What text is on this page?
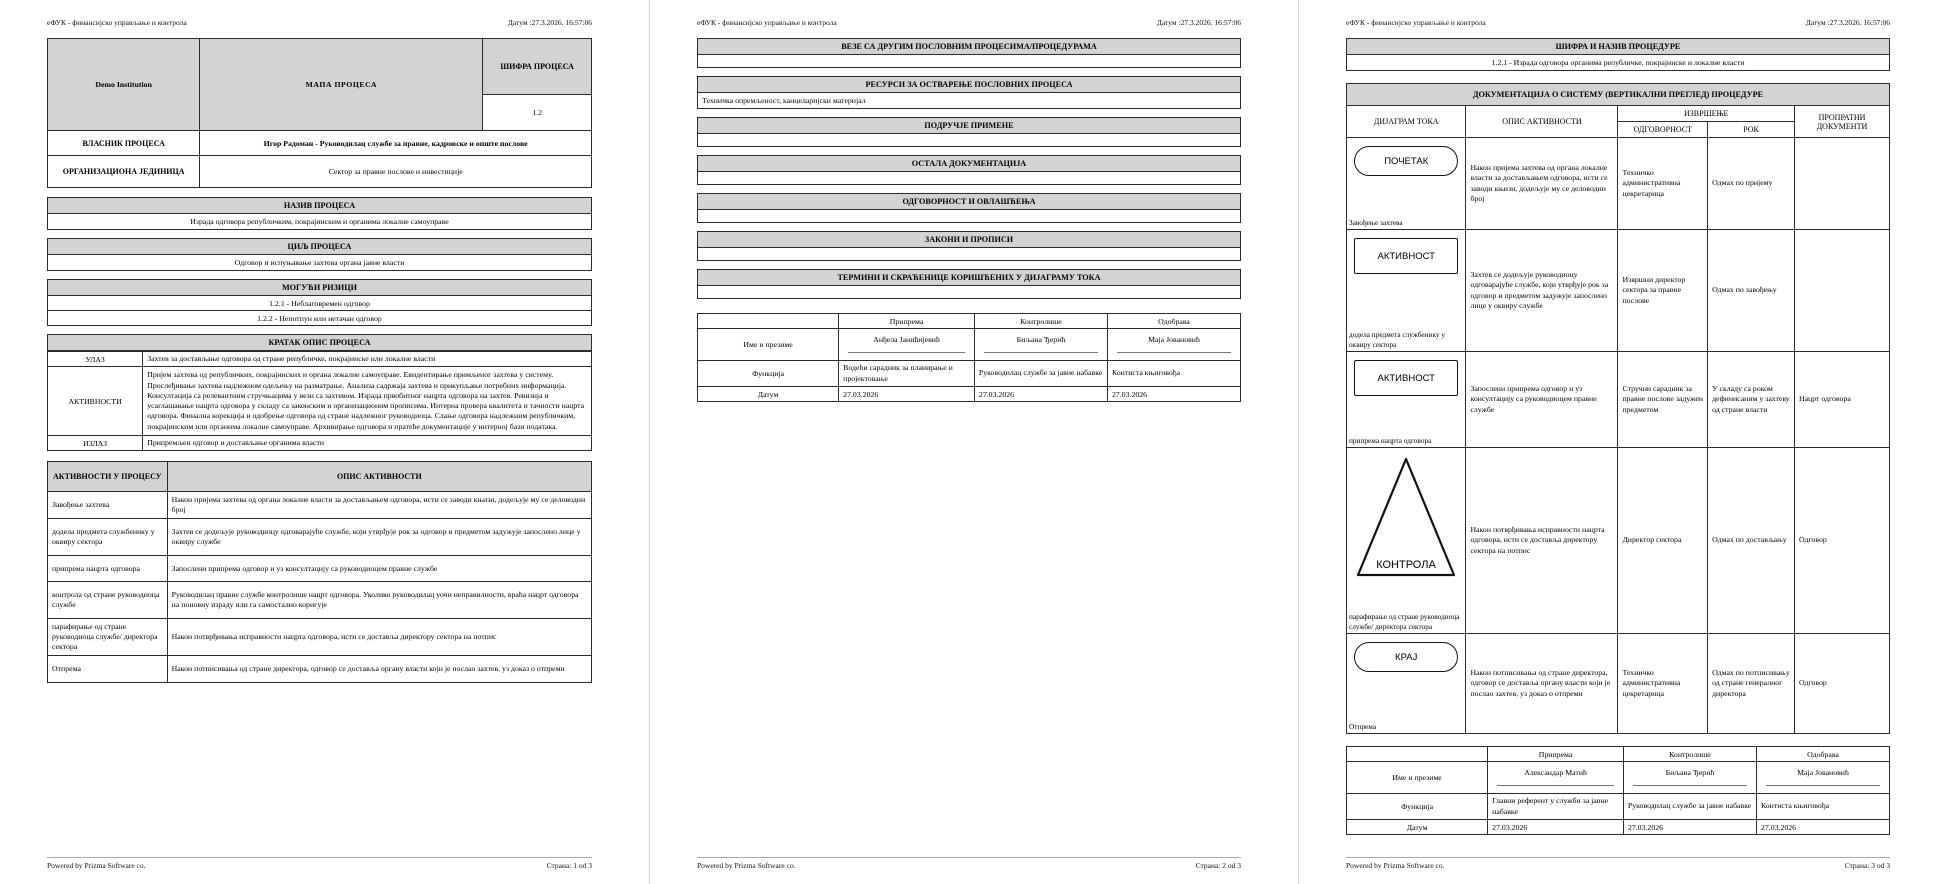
еФУК - финансијско управљање и контрола	Датум :27.3.2026. 16:57:06
Demo Institution	МАПА ПРОЦЕСА	ШИФРА ПРОЦЕСА
		1.2
ВЛАСНИК ПРОЦЕСА	Игор Радоман - Руководилац службе за правне, кадровске и опште послове	
ОРГАНИЗАЦИОНА ЈЕДИНИЦА	Сектор за правне послове и инвестиције	
НАЗИВ ПРОЦЕСА
Израда одговора републичким, покрајинским и органима локалне самоуправе
ЦИЉ ПРОЦЕСА
Одговор и испуњавање захтева органа јавне власти
МОГУЋИ РИЗИЦИ
1.2.1 - Неблаговремен одговор
1.2.2 - Непотпун или нетачан одговор
КРАТАК ОПИС ПРОЦЕСА
УЛАЗ	Захтев за достављање одговора од стране републичке, покрајинске или локалне власти
АКТИВНОСТИ	Пријем захтева од републичких, покрајинских и органа локалне самоуправе. Евидентирање примљеног захтева у систему. Прослеђивање захтева надлежном одељењу на разматрање. Анализа садржаја захтева и прикупљање потребних информација. Консултација са релевантним стручњацима у вези са захтевом. Израда првобитног нацрта одговора на захтев. Ревизија и усаглашавање нацрта одговора у складу са законским и организационим прописима. Интерна провера квалитета и тачности нацрта одговора. Финална корекција и одобрење одговора од стране надлежног руководиоца. Слање одговора надлежним републичким, покрајинским или органима локалне самоуправе. Архивирање одговора и пратеће документације у интерној бази података.
ИЗЛАЗ	Припремљен одговор и достављање органима власти
АКТИВНОСТИ У ПРОЦЕСУ	ОПИС АКТИВНОСТИ
Завођење захтева	Након пријема захтева од органа локалне власти за достављањем одговора, исти се заводи књизи, додељује му се деловодни број
додела предмета службенику у оквиру сектора	Захтев се додељује руководиоцу одговарајуће службе, који утврђује рок за одговор и предметом задужује запослено лице у оквиру службе
припрема нацрта одговора	Запослени припрема одговор и уз консултацију са руководиоцем правне службе
контрола од стране руководиоца службе	Руководилац правне службе контролише нацрт одговора. Уколико руководилац уочи неправилности, враћа нацрт одговора на поновну израду или га самостално коригује
парафирање од стране руководиоца службе/ директора сектора	Након потврђивања исправности нацрта одговора, исти се доставља директору сектора на потпис
Отпрема	Након потписивања од стране директора, одговор се доставља органу власти који је послао захтев, уз доказ о отпреми
Powered by Prizma Software co.	Страна: 1 od 3
еФУК - финансијско управљање и контрола	Датум :27.3.2026. 16:57:06
ВЕЗЕ СА ДРУГИМ ПОСЛОВНИМ ПРОЦЕСИМА/ПРОЦЕДУРАМА
РЕСУРСИ ЗА ОСТВАРЕЊЕ ПОСЛОВНИХ ПРОЦЕСА
Техничка опремљеност, канцеларијски материјал
ПОДРУЧЈЕ ПРИМЕНЕ
ОСТАЛА ДОКУМЕНТАЦИЈА
ОДГОВОРНОСТ И ОВЛАШЋЕЊА
ЗАКОНИ И ПРОПИСИ
ТЕРМИНИ И СКРАЋЕНИЦЕ КОРИШЋЕНИХ У ДИЈАГРАМУ ТОКА
	Припрема	Контролише	Одобрава
Име и презиме	Анђела Јанићијевић	Биљана Ђерић	Маја Јовановић

Функција	Водећи сарадник за планирање и пројектовање	Руководилац службе за јавне набавке	Контиста књиговођа
Датум	27.03.2026	27.03.2026	27.03.2026
Powered by Prizma Software co.	Страна: 2 od 3
еФУК - финансијско управљање и контрола	Датум :27.3.2026. 16:57:06
ШИФРА И НАЗИВ ПРОЦЕДУРЕ
1.2.1 - Израда одговора органима републичке, покрајинске и локалне власти
ДОКУМЕНТАЦИЈА О СИСТЕМУ (ВЕРТИКАЛНИ ПРЕГЛЕД) ПРОЦЕДУРЕ				
ДИЈАГРАМ ТОКА	ОПИС АКТИВНОСТИ	ИЗВРШЕЊЕ		ПРОПРАТНИ ДОКУМЕНТИ
		ОДГОВОРНОСТ	РОК	

ПОЧЕТАК
Завођење захтева	Након пријема захтева од органа локалне власти за достављањем одговора, исти се заводи књизи, додељује му се деловодни број	Техничко административна цекретарица	Одмах по пријему	

АКТИВНОСТ
додела предмета службенику у оквиру сектора	Захтев се додељује руководиоцу одговарајуће службе, који утврђује рок за одговор и предметом задужује запослено лице у оквиру службе	Извршни директор сектора за правне послове	Одмах по завођењу	

АКТИВНОСТ
припрема нацрта одговора	Запослени припрема одговор и уз консултацију са руководиоцем правне службе	Стручни сарадник за правне послове задужен предметом	У складу са роком дефинисаним у захтеву од стране власти	Нацрт одговора

КОНТРОЛА
парафирање од стране руководиоца службе/ директора сектора	Након потврђивања исправности нацрта одговора, исти се доставља директору сектора на потпис	Директор сектора	Одмах по достављању	Одговор

КРАЈ
Отпрема	Након потписивања од стране директора, одговор се доставља органу власти који је послао захтев, уз доказ о отпреми	Техничко административна цекретарица	Одмах по потписивању од стране генералног директора	Одговор
	Припрема	Контролише	Одобрава
Име и презиме	Александар Матић	Биљана Ђерић	Маја Јовановић

Функција	Главни референт у служби за јавне набавке	Руководилац службе за јавне набавке	Контиста књиговођа
Датум	27.03.2026	27.03.2026	27.03.2026
Powered by Prizma Software co.	Страна: 3 od 3
